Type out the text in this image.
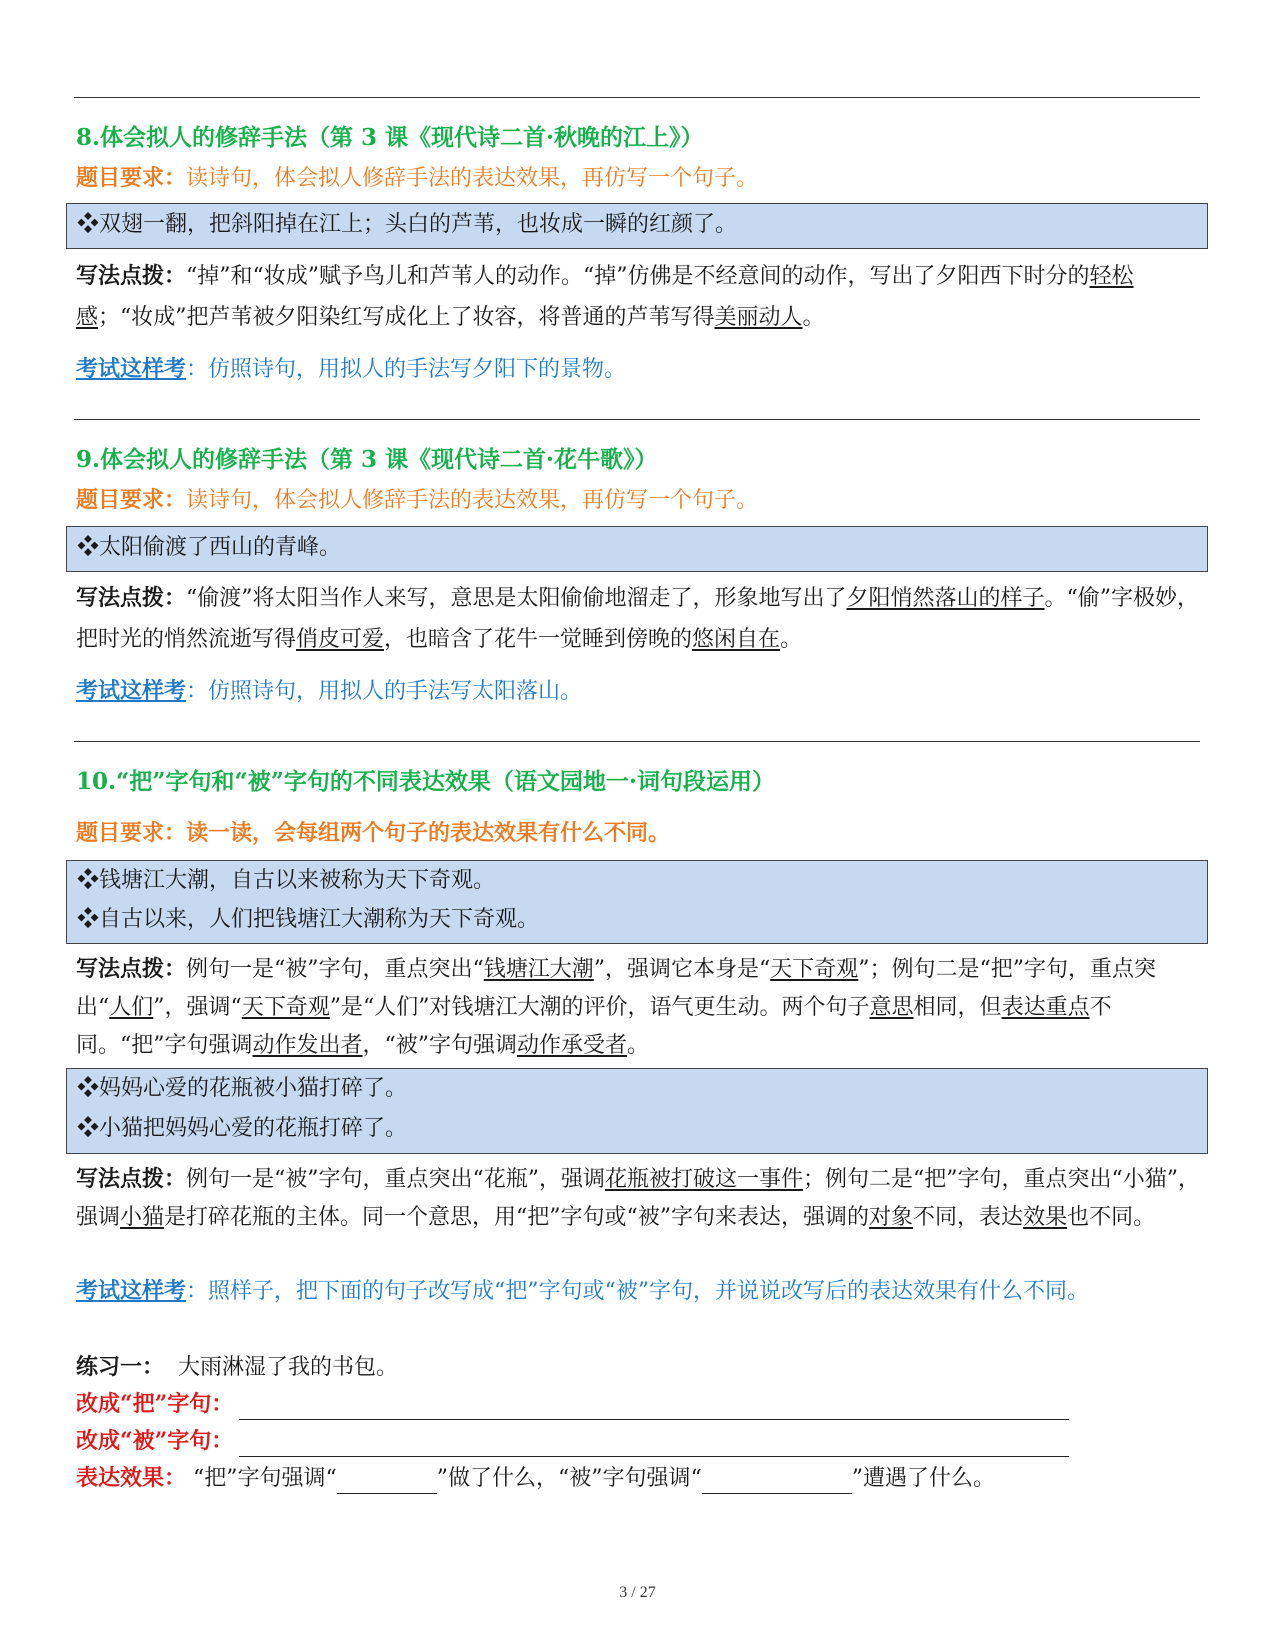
8.体会拟人的修辞手法（第 3 课《现代诗二首·秋晚的江上》）
题目要求：读诗句，体会拟人修辞手法的表达效果，再仿写一个句子。
❖双翅一翻，把斜阳掉在江上；头白的芦苇，也妆成一瞬的红颜了。
写法点拨：“掉”和“妆成”赋予鸟儿和芦苇人的动作。“掉”仿佛是不经意间的动作，写出了夕阳西下时分的轻松感；“妆成”把芦苇被夕阳染红写成化上了妆容，将普通的芦苇写得美丽动人。
考试这样考：仿照诗句，用拟人的手法写夕阳下的景物。
9.体会拟人的修辞手法（第 3 课《现代诗二首·花牛歌》）
题目要求：读诗句，体会拟人修辞手法的表达效果，再仿写一个句子。
❖太阳偷渡了西山的青峰。
写法点拨：“偷渡”将太阳当作人来写，意思是太阳偷偷地溜走了，形象地写出了夕阳悄然落山的样子。“偷”字极妙，把时光的悄然流逝写得俏皮可爱，也暗含了花牛一觉睡到傍晚的悠闲自在。
考试这样考：仿照诗句，用拟人的手法写太阳落山。
10.“把”字句和“被”字句的不同表达效果（语文园地一·词句段运用）
题目要求：读一读，会每组两个句子的表达效果有什么不同。
❖钱塘江大潮，自古以来被称为天下奇观。
❖自古以来，人们把钱塘江大潮称为天下奇观。
写法点拨：例句一是“被”字句，重点突出“钱塘江大潮”，强调它本身是“天下奇观”；例句二是“把”字句，重点突出“人们”，强调“天下奇观”是“人们”对钱塘江大潮的评价，语气更生动。两个句子意思相同，但表达重点不同。“把”字句强调动作发出者，“被”字句强调动作承受者。
❖妈妈心爱的花瓶被小猫打碎了。
❖小猫把妈妈心爱的花瓶打碎了。
写法点拨：例句一是“被”字句，重点突出“花瓶”，强调花瓶被打破这一事件；例句二是“把”字句，重点突出“小猫”，强调小猫是打碎花瓶的主体。同一个意思，用“把”字句或“被”字句来表达，强调的对象不同，表达效果也不同。
考试这样考：照样子，把下面的句子改写成“把”字句或“被”字句，并说说改写后的表达效果有什么不同。
练习一： 大雨淋湿了我的书包。
改成“把”字句：
改成“被”字句：
表达效果： “把”字句强调“	”做了什么，“被”字句强调“	”遭遇了什么。
3 / 27
